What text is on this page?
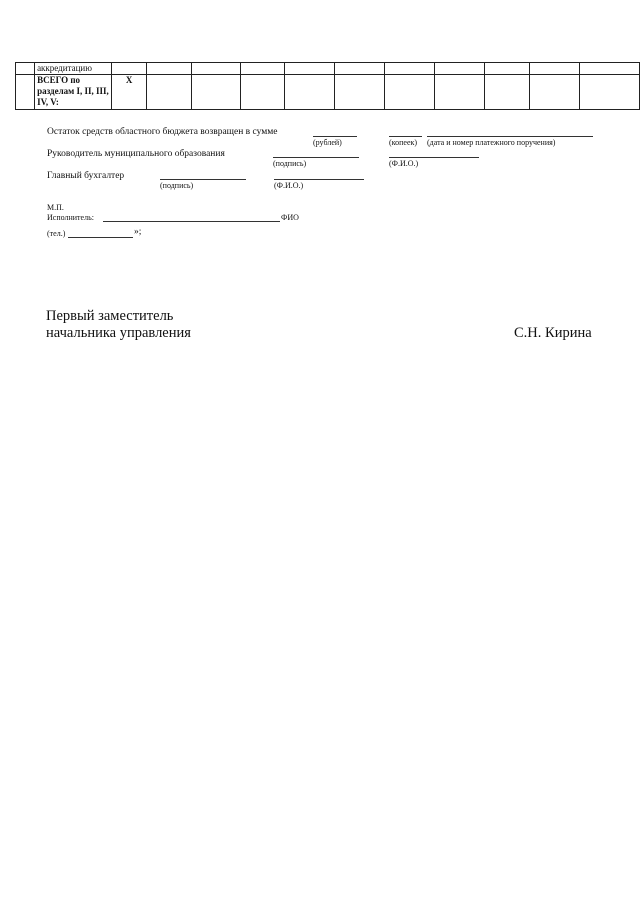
	аккредитацию											
	ВСЕГО по разделам I, II, III, IV, V:	Х										
Остаток средств областного бюджета возвращен в сумме
(рублей)	(копеек) (дата и номер платежного поручения)
Руководитель муниципального образования
(подпись)	(Ф.И.О.)
Главный бухгалтер
(подпись)	(Ф.И.О.)
М.П.
Исполнитель:	ФИО
(тел.)	»;
Первый заместитель
начальника управления	С.Н. Кирина
